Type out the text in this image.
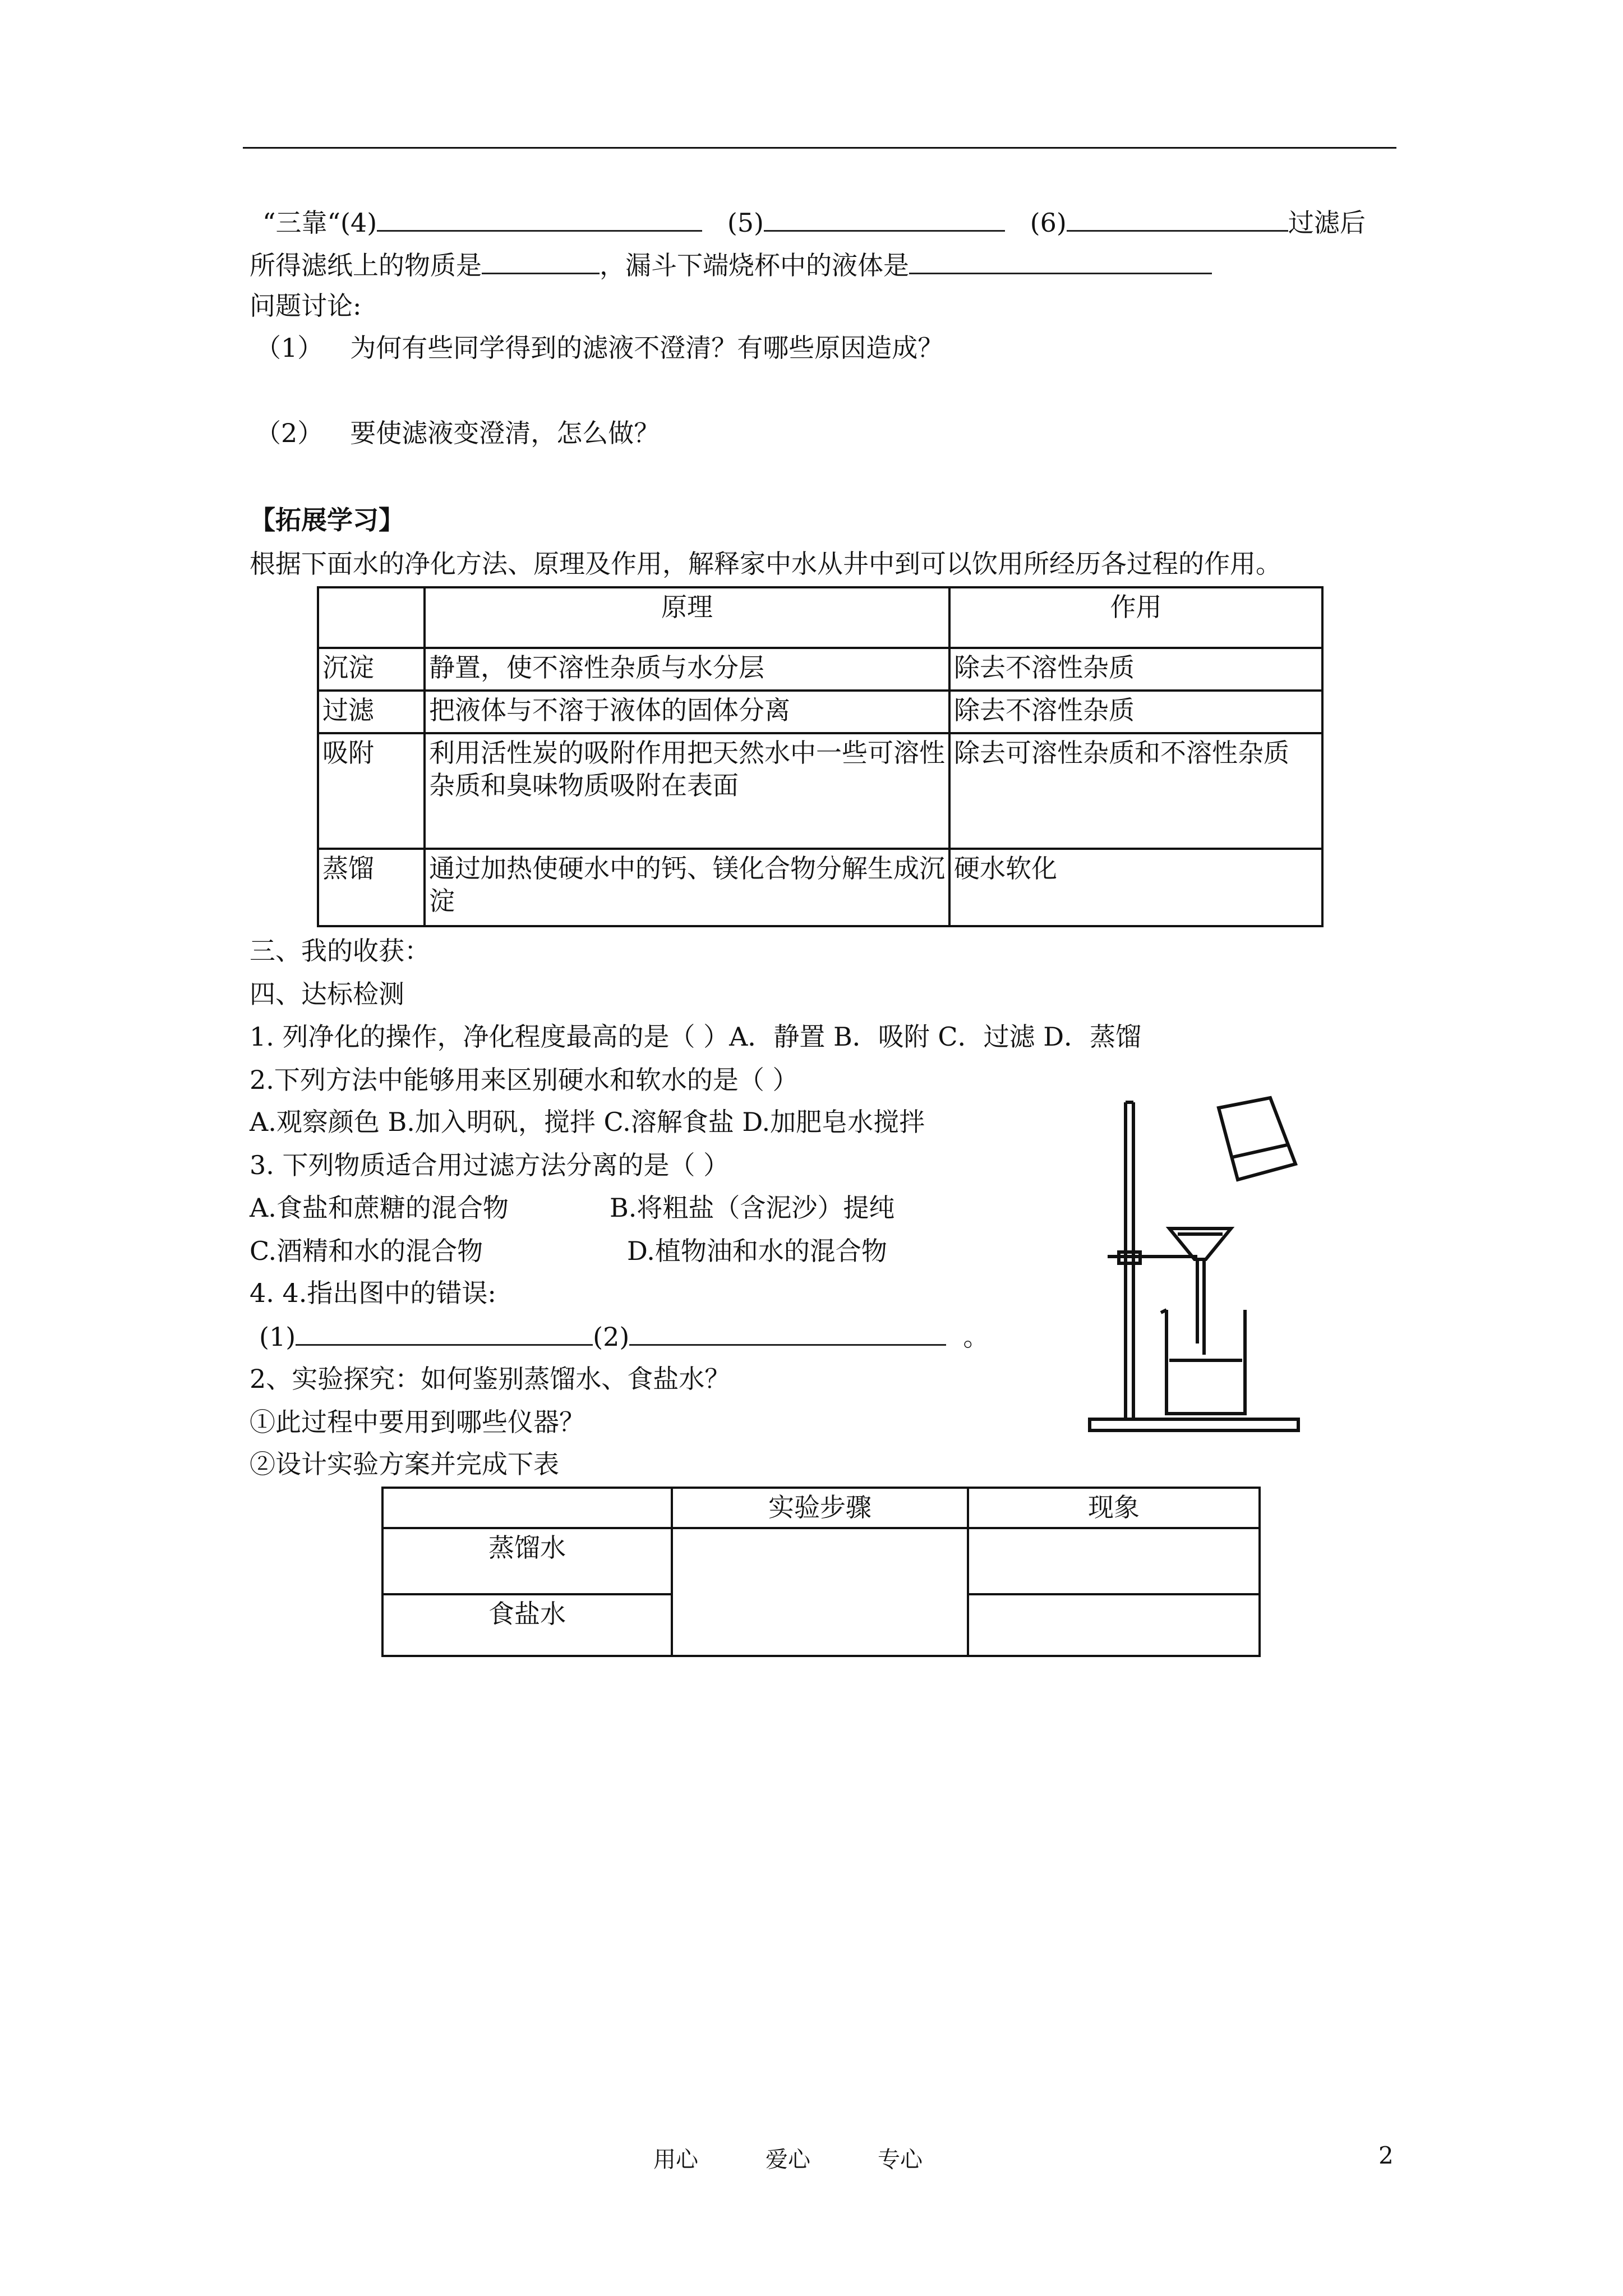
“三靠“(4)	(5)	(6)	过滤后
所得滤纸上的物质是	，漏斗下端烧杯中的液体是
问题讨论:
（1） 为何有些同学得到的滤液不澄清？有哪些原因造成？
（2） 要使滤液变澄清，怎么做？
【拓展学习】
根据下面水的净化方法、原理及作用，解释家中水从井中到可以饮用所经历各过程的作用。
	原理	作用
沉淀	静置，使不溶性杂质与水分层	除去不溶性杂质
过滤	把液体与不溶于液体的固体分离	除去不溶性杂质
吸附	利用活性炭的吸附作用把天然水中一些可溶性杂质和臭味物质吸附在表面	除去可溶性杂质和不溶性杂质
蒸馏	通过加热使硬水中的钙、镁化合物分解生成沉淀	硬水软化
三、我的收获：
四、达标检测
1. 列净化的操作，净化程度最高的是（ ）A．静置 B．吸附 C．过滤 D．蒸馏
2.下列方法中能够用来区别硬水和软水的是（ ）
A.观察颜色 B.加入明矾，搅拌 C.溶解食盐 D.加肥皂水搅拌
3. 下列物质适合用过滤方法分离的是（ ）
A.食盐和蔗糖的混合物	B.将粗盐（含泥沙）提纯
C.酒精和水的混合物	D.植物油和水的混合物
4. 4.指出图中的错误:
(1)	(2)	。
2、实验探究：如何鉴别蒸馏水、食盐水？
①此过程中要用到哪些仪器？
②设计实验方案并完成下表
	实验步骤	现象
蒸馏水		
食盐水		
用心	爱心	专心	2
